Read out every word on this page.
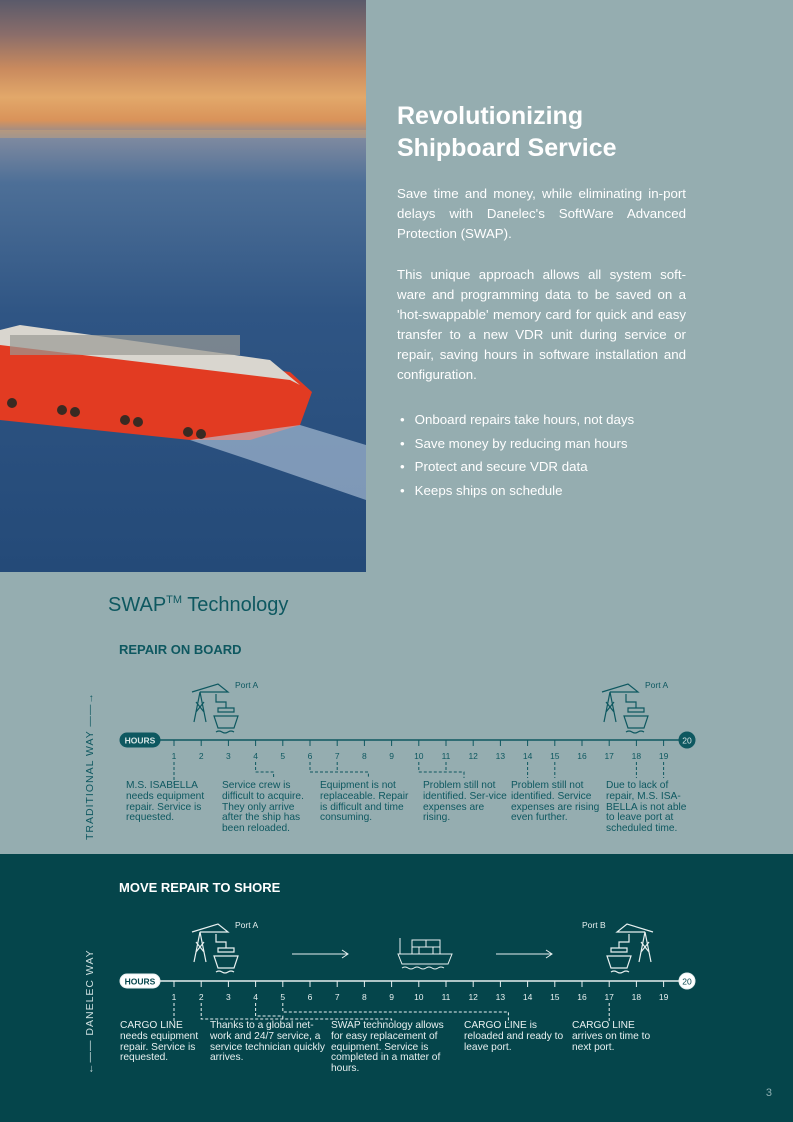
Revolutionizing
Shipboard Service

Save time and money, while eliminating in-port delays with Danelec's SoftWare Advanced Protection (SWAP).

This unique approach allows all system soft-ware and programming data to be saved on a 'hot-swappable' memory card for quick and easy transfer to a new VDR unit during service or repair, saving hours in software installation and configuration.

• Onboard repairs take hours, not days
• Save money by reducing man hours
• Protect and secure VDR data
• Keeps ships on schedule
SWAP™ Technology
REPAIR ON BOARD
TRADITIONAL WAY ——→
Port A	Port A
HOURS	20
1	2	3	4	5	6	7	8	9 10 11 12 13 14 15 16 17 18 19
M.S. ISABELLA needs equipment repair. Service is requested.
Service crew is difficult to acquire. They only arrive after the ship has been reloaded.
Equipment is not replaceable. Repair is difficult and time consuming.
Problem still not identified. Ser-vice expenses are rising.
Problem still not identified. Service expenses are rising even further.
Due to lack of repair, M.S. ISA-BELLA is not able to leave port at scheduled time.
MOVE REPAIR TO SHORE
←—— DANELEC WAY
Port A	Port B
HOURS	20
1	2	3	4	5	6	7	8	9 10 11 12 13 14 15 16 17 18 19
CARGO LINE needs equipment repair. Service is requested.
Thanks to a global net-work and 24/7 service, a service technician quickly arrives.
SWAP technology allows for easy replacement of equipment. Service is completed in a matter of hours.
CARGO LINE is reloaded and ready to leave port.
CARGO LINE arrives on time to next port.
3
